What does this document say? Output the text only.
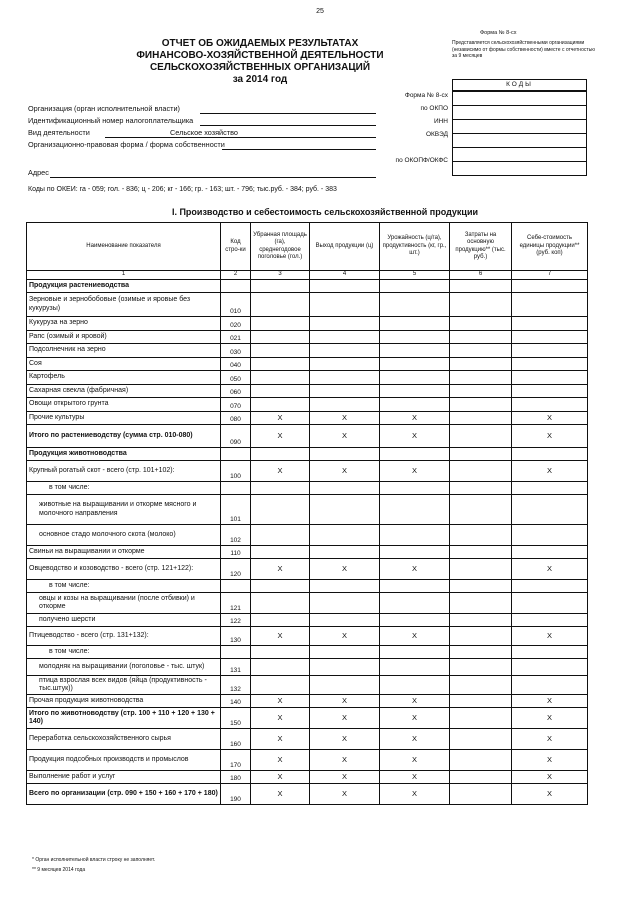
25
ОТЧЕТ ОБ ОЖИДАЕМЫХ РЕЗУЛЬТАТАХ
ФИНАНСОВО-ХОЗЯЙСТВЕННОЙ ДЕЯТЕЛЬНОСТИ
СЕЛЬСКОХОЗЯЙСТВЕННЫХ ОРГАНИЗАЦИЙ
за 2014 год
Форма № 8-сх
Представляется сельскохозяйственными организациями (независимо от формы собственности) вместе с отчетностью за 9 месяцев
КОДЫ
Форма № 8-сх
по ОКПО
ИНН
ОКВЭД
по ОКОПФ/ОКФС
Организация (орган исполнительной власти)
Идентификационный номер налогоплательщика
Вид деятельности	Сельское хозяйство
Организационно-правовая форма / форма собственности
Адрес
Коды по ОКЕИ: га - 059; гол. - 836; ц - 206; кг - 166; гр. - 163; шт. - 796; тыс.руб. - 384; руб. - 383
I. Производство и себестоимость сельскохозяйственной продукции
Наименование показателя	Код стро-ки	Убранная площадь (га), среднегодовое поголовье (гол.)	Выход продукции (ц)	Урожайность (ц/га), продуктивность (кг, гр., шт.)	Затраты на основную продукцию** (тыс. руб.)	Себе-стоимость единицы продукции** (руб. коп)
1	2	3	4	5	6	7
Продукция растениеводства						
Зерновые и зернобобовые (озимые и яровые без кукурузы)	010					
Кукуруза на зерно	020					
Рапс (озимый и яровой)	021					
Подсолнечник на зерно	030					
Соя	040					
Картофель	050					
Сахарная свекла (фабричная)	060					
Овощи открытого грунта	070					
Прочие культуры	080	X	X	X		X
Итого по растениеводству (сумма стр. 010-080)	090	X	X	X		X
Продукция животноводства						
Крупный рогатый скот - всего (стр. 101+102):	100	X	X	X		X
в том числе:						
животные на выращивании и откорме мясного и молочного направления	101					
основное стадо молочного скота (молоко)	102					
Свиньи на выращивании и откорме	110					
Овцеводство и козоводство - всего (стр. 121+122):	120	X	X	X		X
в том числе:						
овцы и козы на выращивании (после отбивки) и откорме	121					
получено шерсти	122					
Птицеводство - всего (стр. 131+132):	130	X	X	X		X
в том числе:						
молодняк на выращивании (поголовье - тыс. штук)	131					
птица взрослая всех видов (яйца (продуктивность - тыс.штук))	132					
Прочая продукция животноводства	140	X	X	X		X
Итого по животноводству (стр. 100 + 110 + 120 + 130 + 140)	150	X	X	X		X
Переработка сельскохозяйственного сырья	160	X	X	X		X
Продукция подсобных производств и промыслов	170	X	X	X		X
Выполнение работ и услуг	180	X	X	X		X
Всего по организации (стр. 090 + 150 + 160 + 170 + 180)	190	X	X	X		X
* Орган исполнительной власти строку не заполняет.
** 9 месяцев 2014 года
